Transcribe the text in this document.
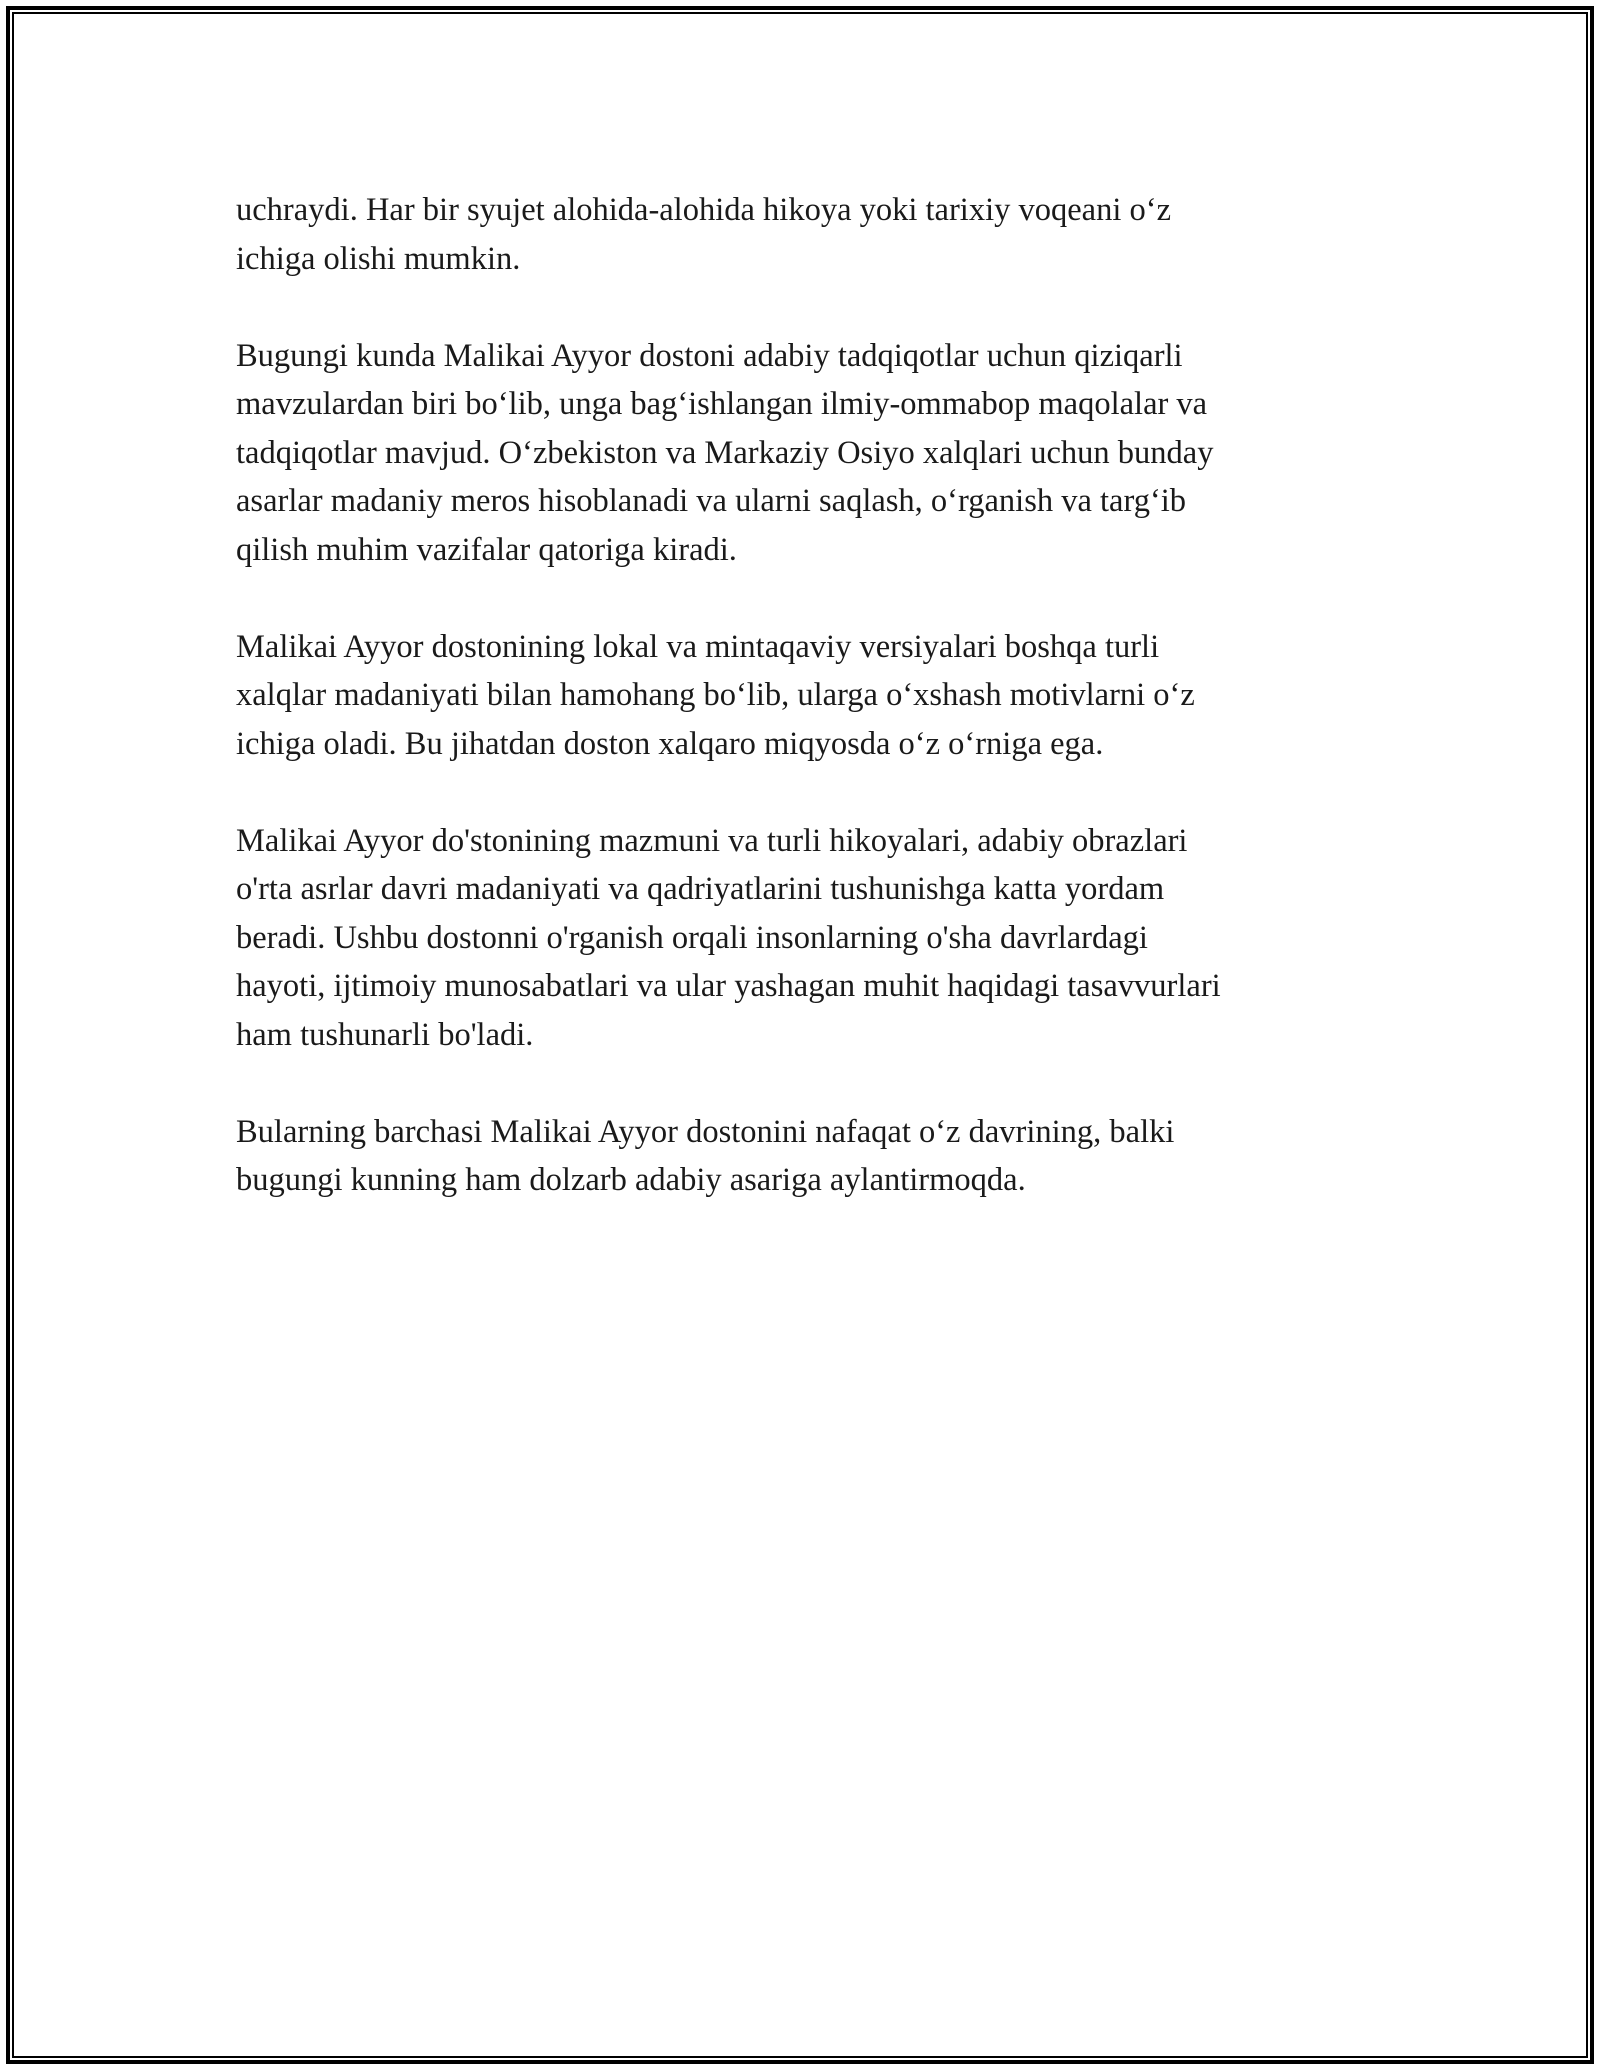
uchraydi. Har bir syujet alohida-alohida hikoya yoki tarixiy voqeani o‘z
ichiga olishi mumkin.

Bugungi kunda Malikai Ayyor dostoni adabiy tadqiqotlar uchun qiziqarli
mavzulardan biri bo‘lib, unga bag‘ishlangan ilmiy-ommabop maqolalar va
tadqiqotlar mavjud. O‘zbekiston va Markaziy Osiyo xalqlari uchun bunday
asarlar madaniy meros hisoblanadi va ularni saqlash, o‘rganish va targ‘ib
qilish muhim vazifalar qatoriga kiradi.

Malikai Ayyor dostonining lokal va mintaqaviy versiyalari boshqa turli
xalqlar madaniyati bilan hamohang bo‘lib, ularga o‘xshash motivlarni o‘z
ichiga oladi. Bu jihatdan doston xalqaro miqyosda o‘z o‘rniga ega.

Malikai Ayyor do'stonining mazmuni va turli hikoyalari, adabiy obrazlari
o'rta asrlar davri madaniyati va qadriyatlarini tushunishga katta yordam
beradi. Ushbu dostonni o'rganish orqali insonlarning o'sha davrlardagi
hayoti, ijtimoiy munosabatlari va ular yashagan muhit haqidagi tasavvurlari
ham tushunarli bo'ladi.

Bularning barchasi Malikai Ayyor dostonini nafaqat o‘z davrining, balki
bugungi kunning ham dolzarb adabiy asariga aylantirmoqda.
